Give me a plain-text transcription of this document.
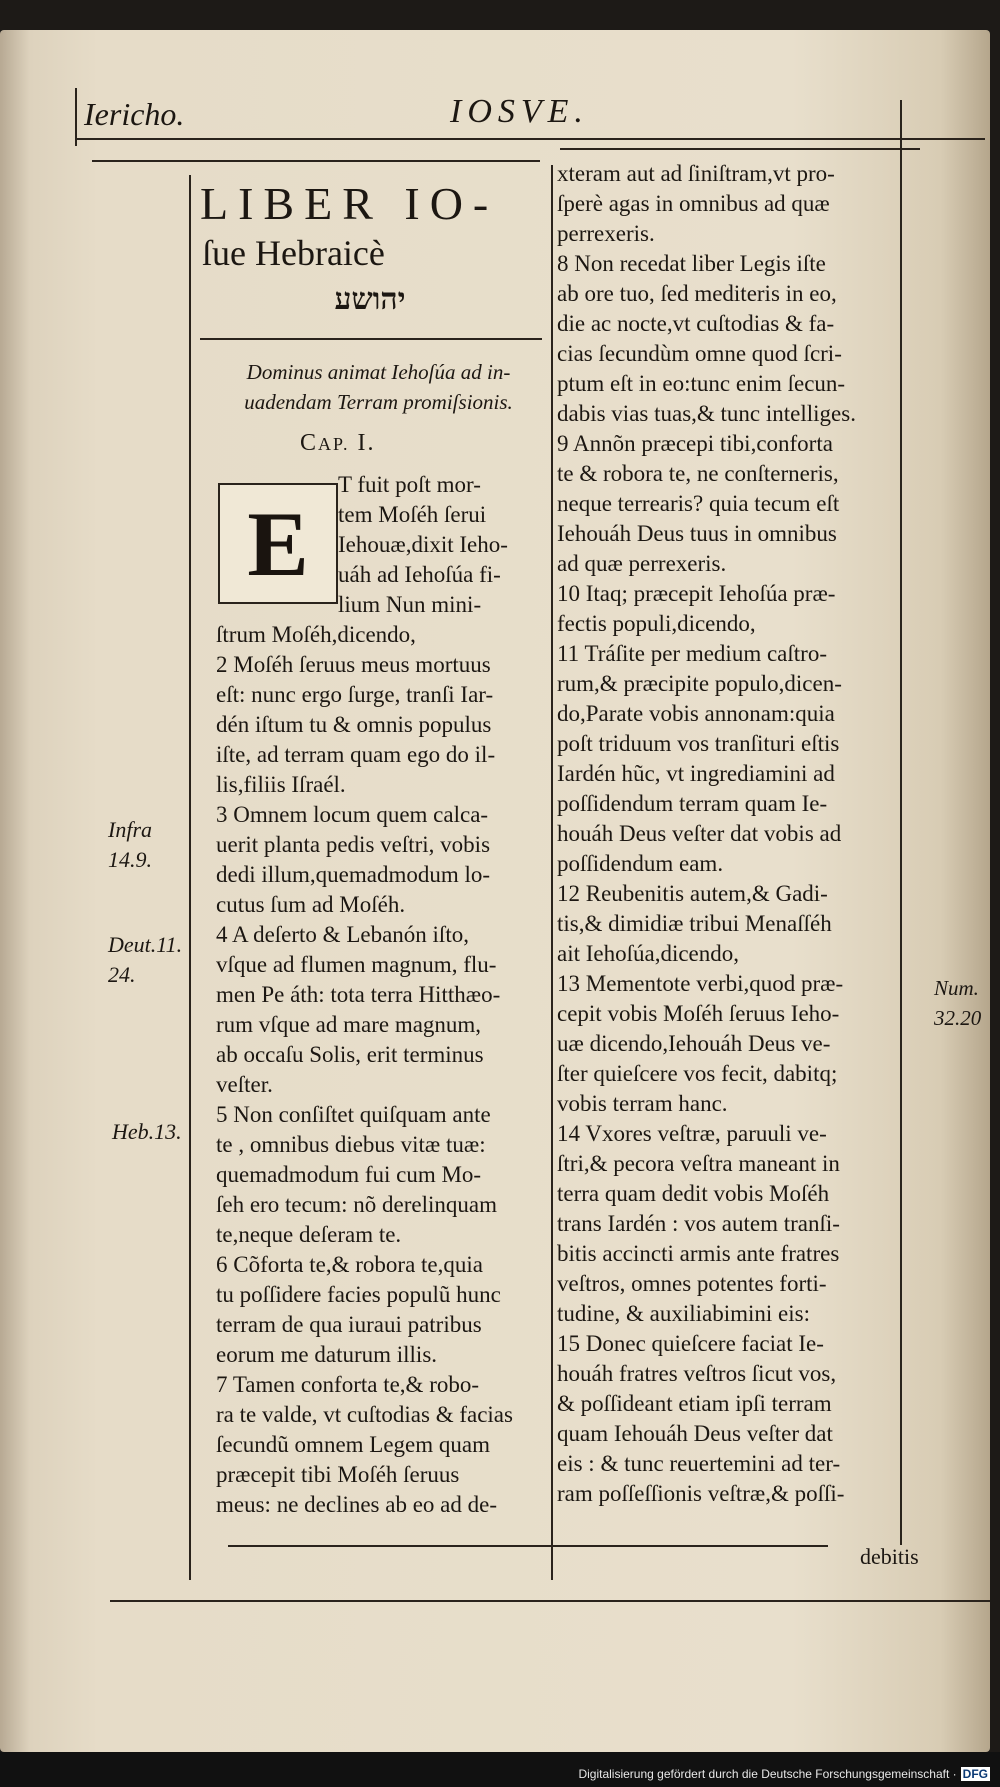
Iericho.	IOSVE.
LIBER IO-
ſue Hebraicè
יהושע
Dominus animat Iehoſúa ad in-
uadendam Terram promiſsionis.
CAP. I.
E
T fuit poſt mor-
tem Moſéh ſerui
Iehouæ,dixit Ieho-
uáh ad Iehoſúa fi-
lium Nun mini-
ſtrum Moſéh,dicendo,
2 Moſéh ſeruus meus mortuus
eſt: nunc ergo ſurge, tranſi Iar-
dén iſtum tu & omnis populus
iſte, ad terram quam ego do il-
lis,filiis Iſraél.
3 Omnem locum quem calca-
uerit planta pedis veſtri, vobis
dedi illum,quemadmodum lo-
cutus ſum ad Moſéh.
4 A deſerto & Lebanón iſto,
vſque ad flumen magnum, flu-
men Pe áth: tota terra Hitthæo-
rum vſque ad mare magnum,
ab occaſu Solis, erit terminus
veſter.
5 Non conſiſtet quiſquam ante
te , omnibus diebus vitæ tuæ:
quemadmodum fui cum Mo-
ſeh ero tecum: nõ derelinquam
te,neque deſeram te.
6 Cõforta te,& robora te,quia
tu poſſidere facies populũ hunc
terram de qua iuraui patribus
eorum me daturum illis.
7 Tamen conforta te,& robo-
ra te valde, vt cuſtodias & facias
ſecundũ omnem Legem quam
præcepit tibi Moſéh ſeruus
meus: ne declines ab eo ad de-
xteram aut ad ſiniſtram,vt pro-
ſperè agas in omnibus ad quæ
perrexeris.
8 Non recedat liber Legis iſte
ab ore tuo, ſed mediteris in eo,
die ac nocte,vt cuſtodias & fa-
cias ſecundùm omne quod ſcri-
ptum eſt in eo:tunc enim ſecun-
dabis vias tuas,& tunc intelliges.
9 Annõn præcepi tibi,conforta
te & robora te, ne conſterneris,
neque terrearis? quia tecum eſt
Iehouáh Deus tuus in omnibus
ad quæ perrexeris.
10 Itaq; præcepit Iehoſúa præ-
fectis populi,dicendo,
11 Tráſite per medium caſtro-
rum,& præcipite populo,dicen-
do,Parate vobis annonam:quia
poſt triduum vos tranſituri eſtis
Iardén hũc, vt ingrediamini ad
poſſidendum terram quam Ie-
houáh Deus veſter dat vobis ad
poſſidendum eam.
12 Reubenitis autem,& Gadi-
tis,& dimidiæ tribui Menaſſéh
ait Iehoſúa,dicendo,
13 Mementote verbi,quod præ-
cepit vobis Moſéh ſeruus Ieho-
uæ dicendo,Iehouáh Deus ve-
ſter quieſcere vos fecit, dabitq;
vobis terram hanc.
14 Vxores veſtræ, paruuli ve-
ſtri,& pecora veſtra maneant in
terra quam dedit vobis Moſéh
trans Iardén : vos autem tranſi-
bitis accincti armis ante fratres
veſtros, omnes potentes forti-
tudine, & auxiliabimini eis:
15 Donec quieſcere faciat Ie-
houáh fratres veſtros ſicut vos,
& poſſideant etiam ipſi terram
quam Iehouáh Deus veſter dat
eis : & tunc reuertemini ad ter-
ram poſſeſſionis veſtræ,& poſſi-
Infra
14.9.
Deut.11.
24.
Heb.13.
Num.
32.20
debitis
Digitalisierung gefördert durch die Deutsche Forschungsgemeinschaft · DFG
